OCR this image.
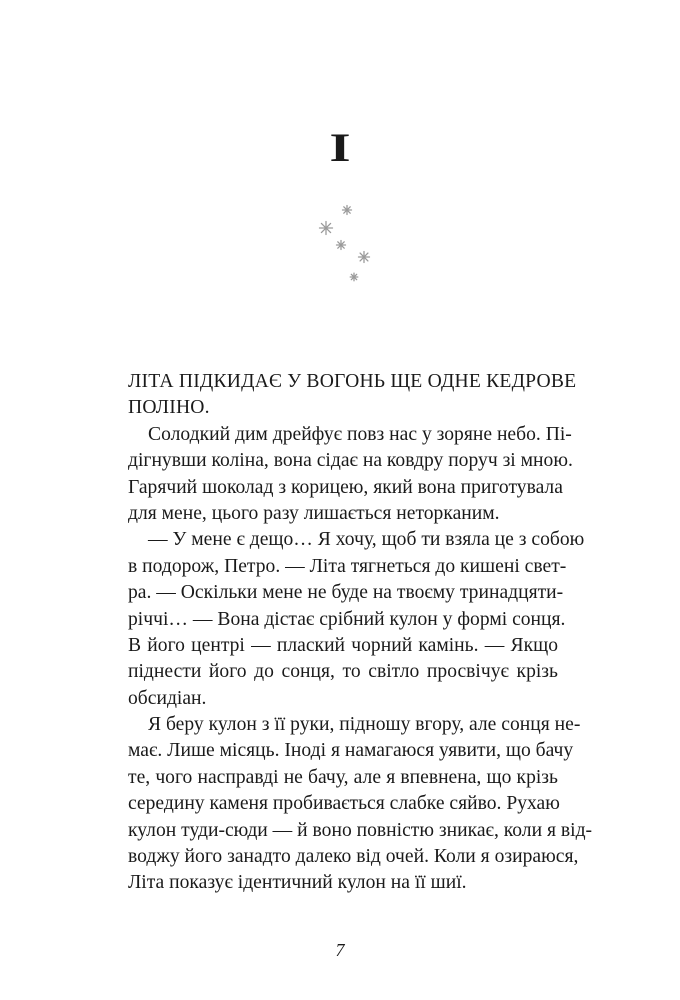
I
ЛІТА ПІДКИДАЄ У ВОГОНЬ ЩЕ ОДНЕ КЕДРОВЕ
ПОЛІНО.
Солодкий дим дрейфує повз нас у зоряне небо. Пі-
дігнувши коліна, вона сідає на ковдру поруч зі мною.
Гарячий шоколад з корицею, який вона приготувала
для мене, цього разу лишається неторканим.
— У мене є дещо… Я хочу, щоб ти взяла це з собою
в подорож, Петро. — Літа тягнеться до кишені свет-
ра. — Оскільки мене не буде на твоєму тринадцяти-
річчі… — Вона дістає срібний кулон у формі сонця.
В його центрі — плаский чорний камінь. — Якщо
піднести його до сонця, то світло просвічує крізь
обсидіан.
Я беру кулон з її руки, підношу вгору, але сонця не-
має. Лише місяць. Іноді я намагаюся уявити, що бачу
те, чого насправді не бачу, але я впевнена, що крізь
середину каменя пробивається слабке сяйво. Рухаю
кулон туди-сюди — й воно повністю зникає, коли я від-
воджу його занадто далеко від очей. Коли я озираюся,
Літа показує ідентичний кулон на її шиї.
7
